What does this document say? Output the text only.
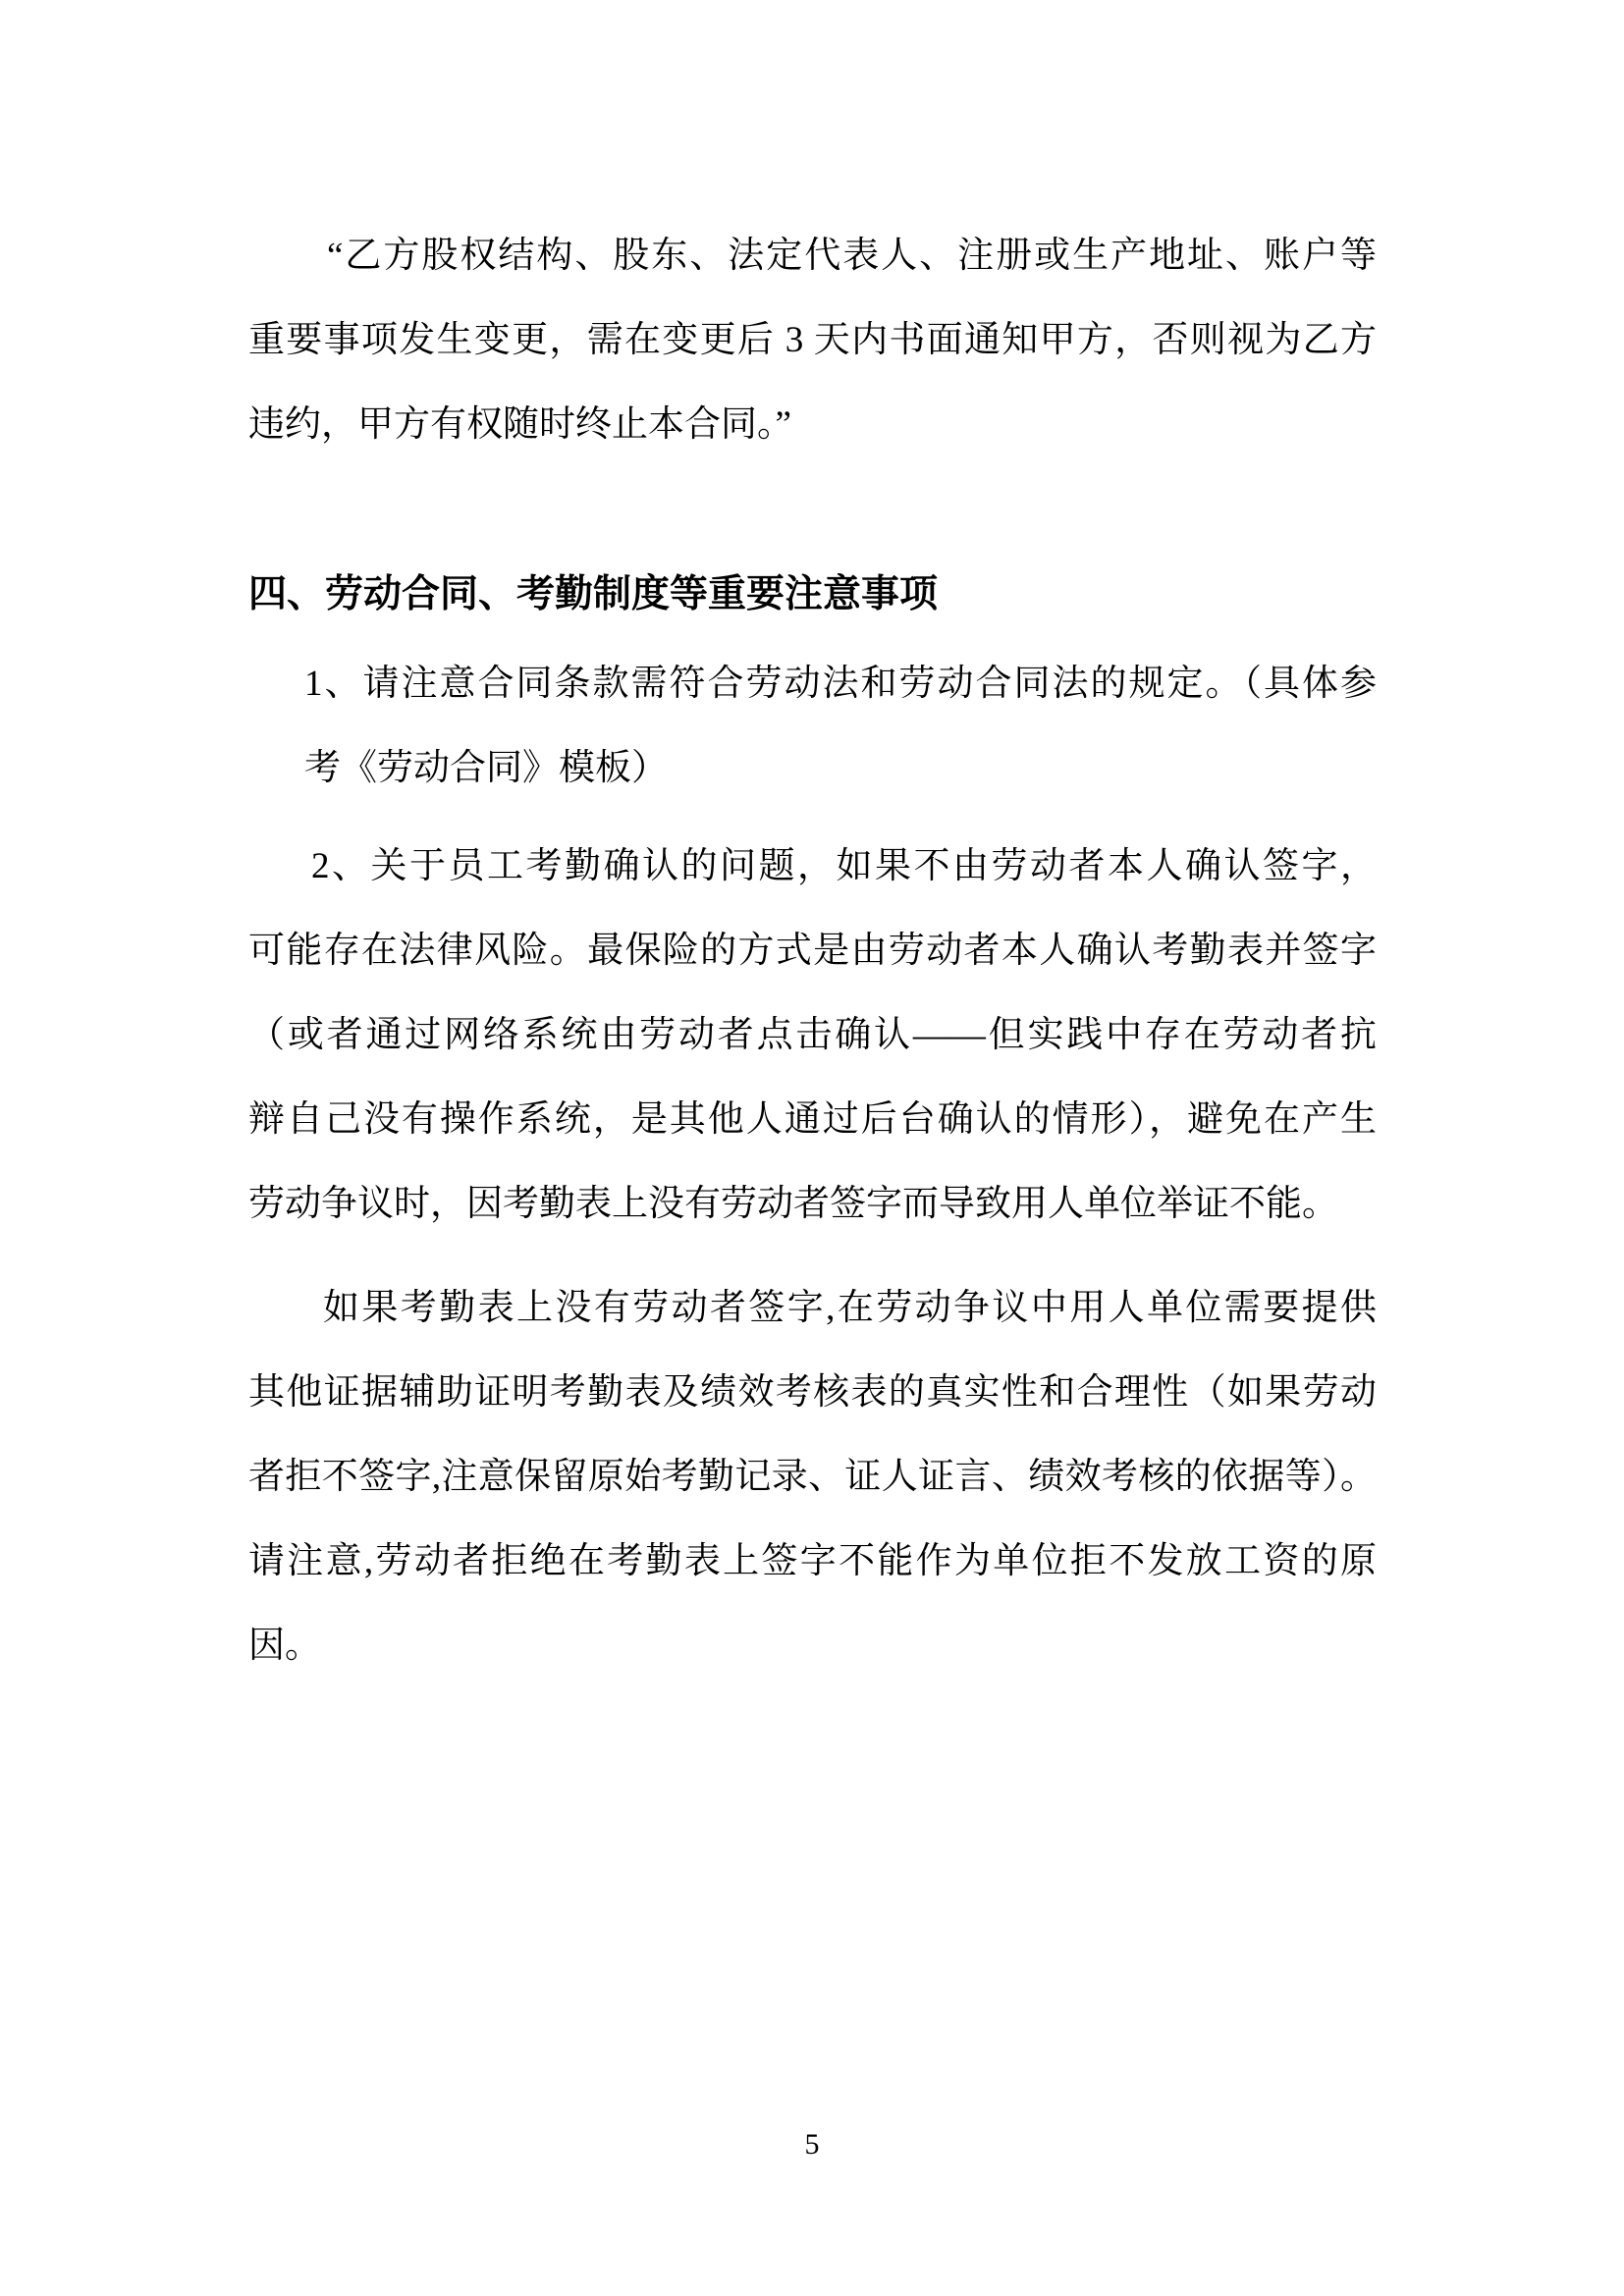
“乙方股权结构、股东、法定代表人、注册或生产地址、账户等
重要事项发生变更，需在变更后 3 天内书面通知甲方，否则视为乙方
违约，甲方有权随时终止本合同。”
四、劳动合同、考勤制度等重要注意事项
1、请注意合同条款需符合劳动法和劳动合同法的规定。（具体参
考《劳动合同》模板）
2、关于员工考勤确认的问题，如果不由劳动者本人确认签字，
可能存在法律风险。最保险的方式是由劳动者本人确认考勤表并签字
（或者通过网络系统由劳动者点击确认——但实践中存在劳动者抗
辩自己没有操作系统，是其他人通过后台确认的情形），避免在产生
劳动争议时，因考勤表上没有劳动者签字而导致用人单位举证不能。
如果考勤表上没有劳动者签字,在劳动争议中用人单位需要提供
其他证据辅助证明考勤表及绩效考核表的真实性和合理性（如果劳动
者拒不签字,注意保留原始考勤记录、证人证言、绩效考核的依据等）。
请注意,劳动者拒绝在考勤表上签字不能作为单位拒不发放工资的原
因。
5
